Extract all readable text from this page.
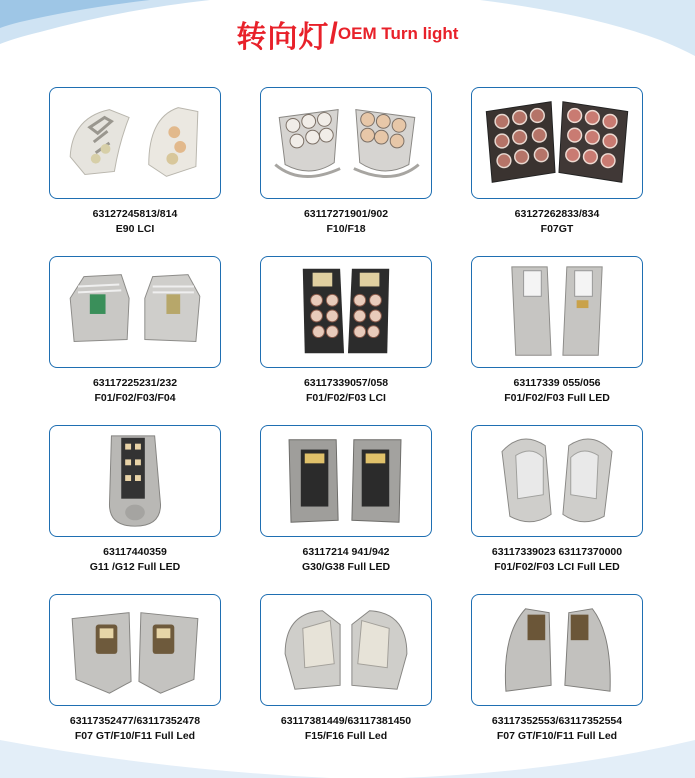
转向灯/OEM Turn light
63127245813/814
E90 LCI
63117271901/902
F10/F18
63127262833/834
F07GT
63117225231/232
F01/F02/F03/F04
63117339057/058
F01/F02/F03 LCI
63117339 055/056
F01/F02/F03 Full LED
63117440359
G11 /G12 Full LED
63117214 941/942
G30/G38 Full LED
63117339023 63117370000
F01/F02/F03 LCI Full LED
63117352477/63117352478
F07 GT/F10/F11 Full Led
63117381449/63117381450
F15/F16 Full Led
63117352553/63117352554
F07 GT/F10/F11 Full Led
